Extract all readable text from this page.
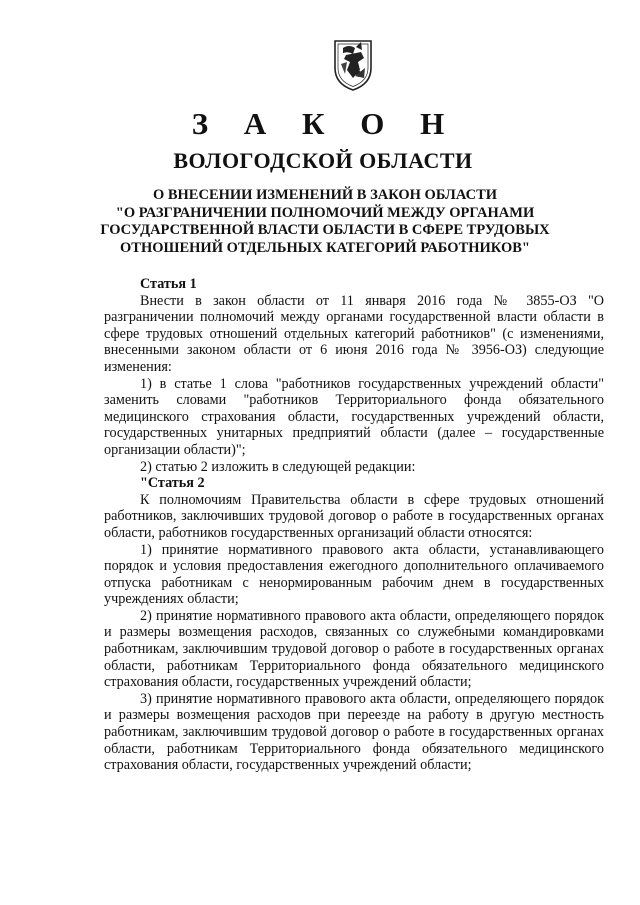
З А К О Н
ВОЛОГОДСКОЙ ОБЛАСТИ
О ВНЕСЕНИИ ИЗМЕНЕНИЙ В ЗАКОН ОБЛАСТИ
"О РАЗГРАНИЧЕНИИ ПОЛНОМОЧИЙ МЕЖДУ ОРГАНАМИ
ГОСУДАРСТВЕННОЙ ВЛАСТИ ОБЛАСТИ В СФЕРЕ ТРУДОВЫХ
ОТНОШЕНИЙ ОТДЕЛЬНЫХ КАТЕГОРИЙ РАБОТНИКОВ"
Статья 1

Внести в закон области от 11 января 2016 года № 3855-ОЗ "О разграничении полномочий между органами государственной власти области в сфере трудовых отношений отдельных категорий работников" (с изменениями, внесенными законом области от 6 июня 2016 года № 3956-ОЗ) следующие изменения:

1) в статье 1 слова "работников государственных учреждений области" заменить словами "работников Территориального фонда обязательного медицинского страхования области, государственных учреждений области, государственных унитарных предприятий области (далее – государственные организации области)";

2) статью 2 изложить в следующей редакции:

"Статья 2

К полномочиям Правительства области в сфере трудовых отношений работников, заключивших трудовой договор о работе в государственных органах области, работников государственных организаций области относятся:

1) принятие нормативного правового акта области, устанавливающего порядок и условия предоставления ежегодного дополнительного оплачиваемого отпуска работникам с ненормированным рабочим днем в государственных учреждениях области;

2) принятие нормативного правового акта области, определяющего порядок и размеры возмещения расходов, связанных со служебными командировками работникам, заключившим трудовой договор о работе в государственных органах области, работникам Территориального фонда обязательного медицинского страхования области, государственных учреждений области;

3) принятие нормативного правового акта области, определяющего порядок и размеры возмещения расходов при переезде на работу в другую местность работникам, заключившим трудовой договор о работе в государственных органах области, работникам Территориального фонда обязательного медицинского страхования области, государственных учреждений области;
